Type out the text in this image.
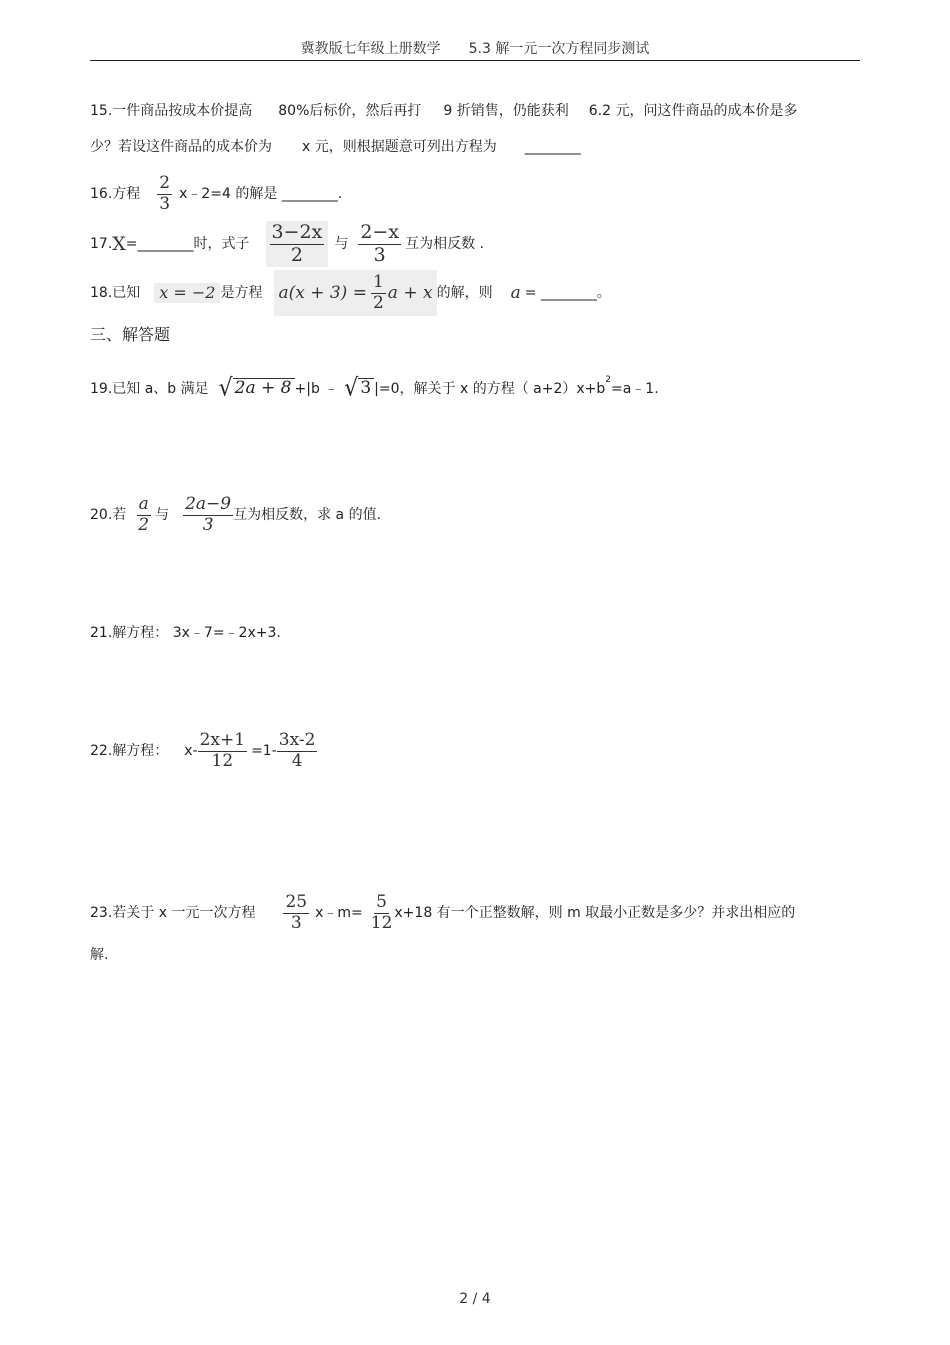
冀教版七年级上册数学 5.3 解一元一次方程同步测试
15.一件商品按成本价提高 80%后标价，然后再打 9 折销售，仍能获利 6.2 元，问这件商品的成本价是多
少？若设这件商品的成本价为 x 元，则根据题意可列出方程为 ________
16.方程 $\frac{2}{3}$ x﹣2=4 的解是 ________.
17. X =________时，式子 $\frac{3-2x}{2}$ 与 $\frac{2-x}{3}$ 互为相反数 .
18.已知	x = −2 是方程 $a(x + 3) = \frac{1}{2}$ a + x 的解，则 a = ________。
三、解答题
19.已知 a、b 满足 √ 2a + 8 +|b ﹣ √ 3 |=0，解关于 x 的方程（ a+2）x+b
2
=a﹣1.
20.若 $\frac{a}{2}$ 与 $\frac{2a-9}{3}$ 互为相反数，求 a 的值.
21.解方程： 3x﹣7=﹣2x+3.
22.解方程： $x- \frac{2x+1}{12} =1- \frac{3x-2}{4}$
23.若关于 x 一元一次方程 $\frac{25}{3}$ x﹣m= $\frac{5}{12} x+18$ 有一个正整数解，则 m 取最小正数是多少？并求出相应的
解.
2 / 4
